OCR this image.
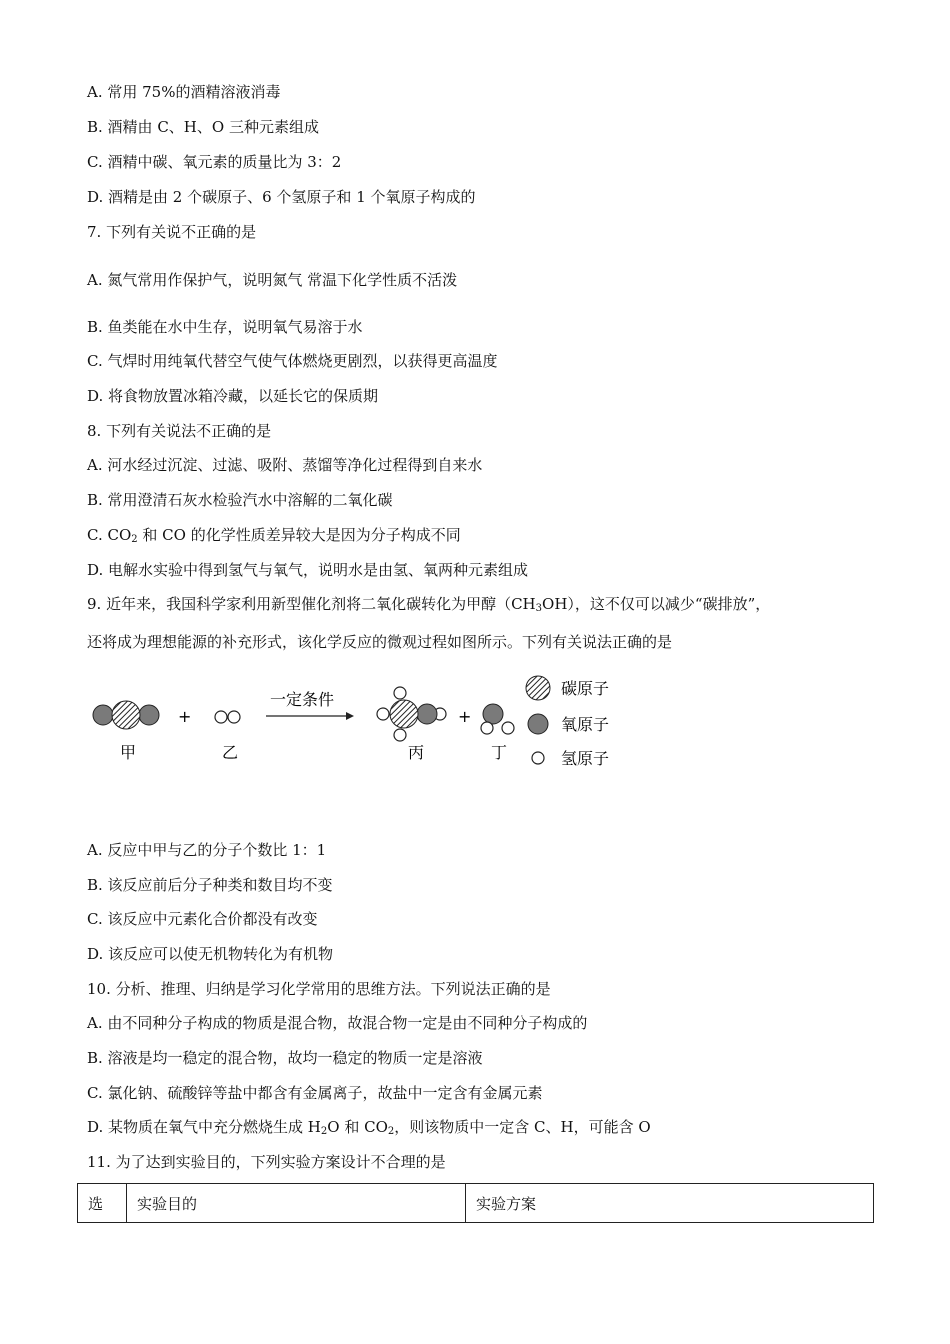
A. 常用 75%的酒精溶液消毒
B. 酒精由 C、H、O 三种元素组成
C. 酒精中碳、氧元素的质量比为 3：2
D. 酒精是由 2 个碳原子、6 个氢原子和 1 个氧原子构成的
7. 下列有关说不正确的是
A. 氮气常用作保护气，说明氮气 常温下化学性质不活泼
B. 鱼类能在水中生存，说明氧气易溶于水
C. 气焊时用纯氧代替空气使气体燃烧更剧烈，以获得更高温度
D. 将食物放置冰箱冷藏，以延长它的保质期
8. 下列有关说法不正确的是
A. 河水经过沉淀、过滤、吸附、蒸馏等净化过程得到自来水
B. 常用澄清石灰水检验汽水中溶解的二氧化碳
C. $CO_2$ 和 CO 的化学性质差异较大是因为分子构成不同
D. 电解水实验中得到氢气与氧气，说明水是由氢、氧两种元素组成
9. 近年来，我国科学家利用新型催化剂将二氧化碳转化为甲醇$(CH_3OH)$，这不仅可以减少“碳排放”，
还将成为理想能源的补充形式，该化学反应的微观过程如图所示。下列有关说法正确的是
甲
+
乙
一定条件
丙
+
丁
碳原子
氧原子
氢原子
A. 反应中甲与乙的分子个数比 1：1
B. 该反应前后分子种类和数目均不变
C. 该反应中元素化合价都没有改变
D. 该反应可以使无机物转化为有机物
10. 分析、推理、归纳是学习化学常用的思维方法。下列说法正确的是
A. 由不同种分子构成的物质是混合物，故混合物一定是由不同种分子构成的
B. 溶液是均一稳定的混合物，故均一稳定的物质一定是溶液
C. 氯化钠、硫酸锌等盐中都含有金属离子，故盐中一定含有金属元素
D. 某物质在氧气中充分燃烧生成 $H_2O$ 和 $CO_2$，则该物质中一定含 C、H，可能含 O
11. 为了达到实验目的，下列实验方案设计不合理的是
选	实验目的	实验方案
